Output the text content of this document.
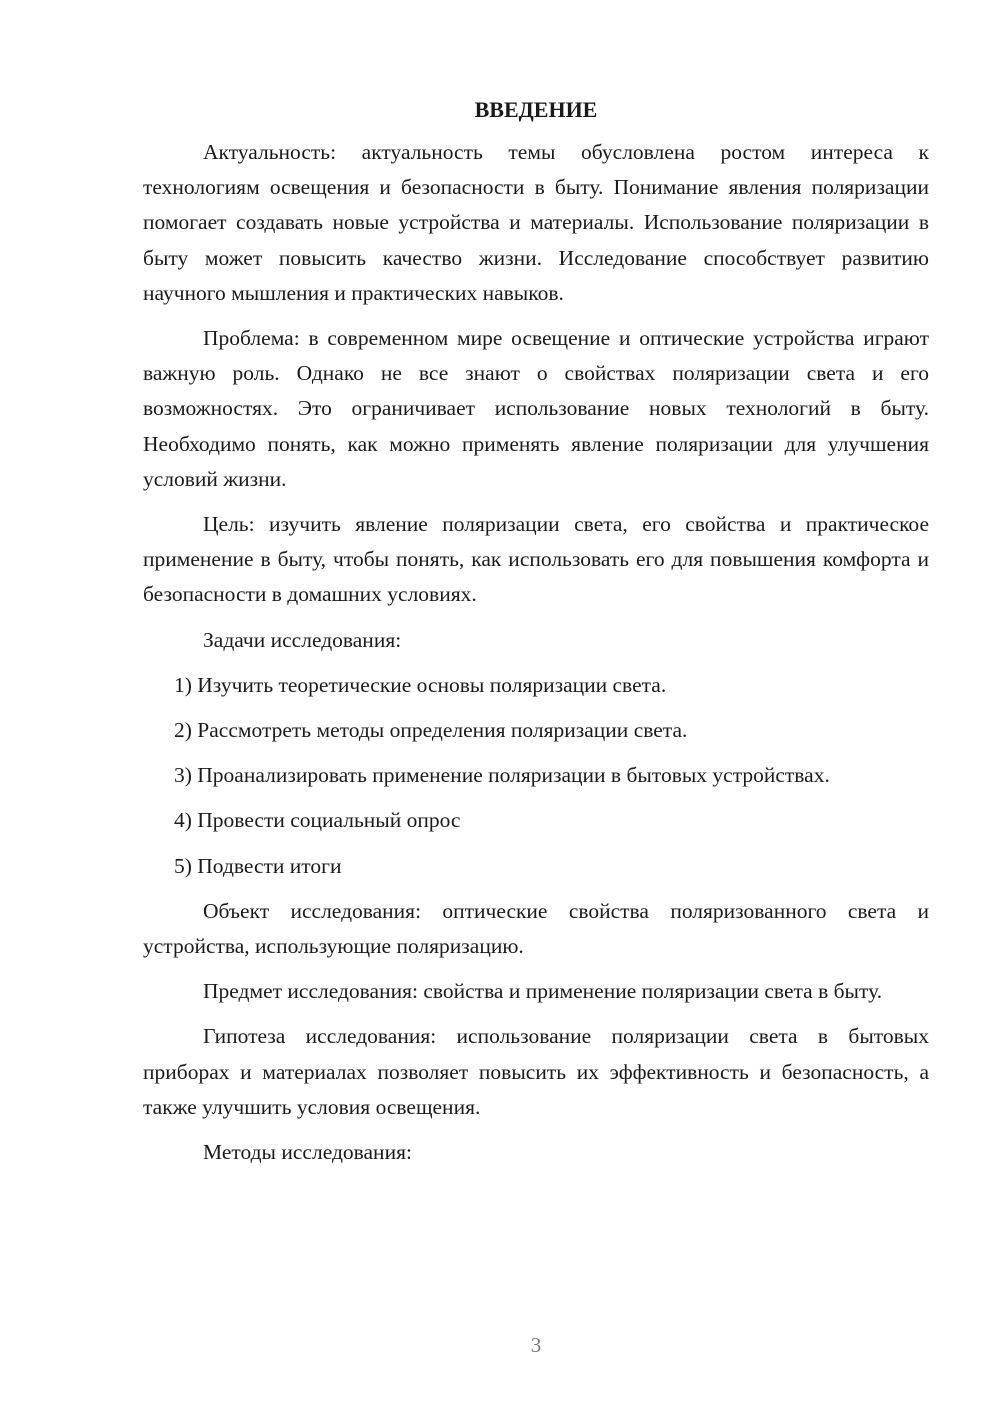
ВВЕДЕНИЕ

Актуальность: актуальность темы обусловлена ростом интереса к технологиям освещения и безопасности в быту. Понимание явления поляризации помогает создавать новые устройства и материалы. Использование поляризации в быту может повысить качество жизни. Исследование способствует развитию научного мышления и практических навыков.

Проблема: в современном мире освещение и оптические устройства играют важную роль. Однако не все знают о свойствах поляризации света и его возможностях. Это ограничивает использование новых технологий в быту. Необходимо понять, как можно применять явление поляризации для улучшения условий жизни.

Цель: изучить явление поляризации света, его свойства и практическое применение в быту, чтобы понять, как использовать его для повышения комфорта и безопасности в домашних условиях.

Задачи исследования:

1) Изучить теоретические основы поляризации света.

2) Рассмотреть методы определения поляризации света.

3) Проанализировать применение поляризации в бытовых устройствах.

4) Провести социальный опрос

5) Подвести итоги

Объект исследования: оптические свойства поляризованного света и устройства, использующие поляризацию.

Предмет исследования: свойства и применение поляризации света в быту.

Гипотеза исследования: использование поляризации света в бытовых приборах и материалах позволяет повысить их эффективность и безопасность, а также улучшить условия освещения.

Методы исследования:

3
